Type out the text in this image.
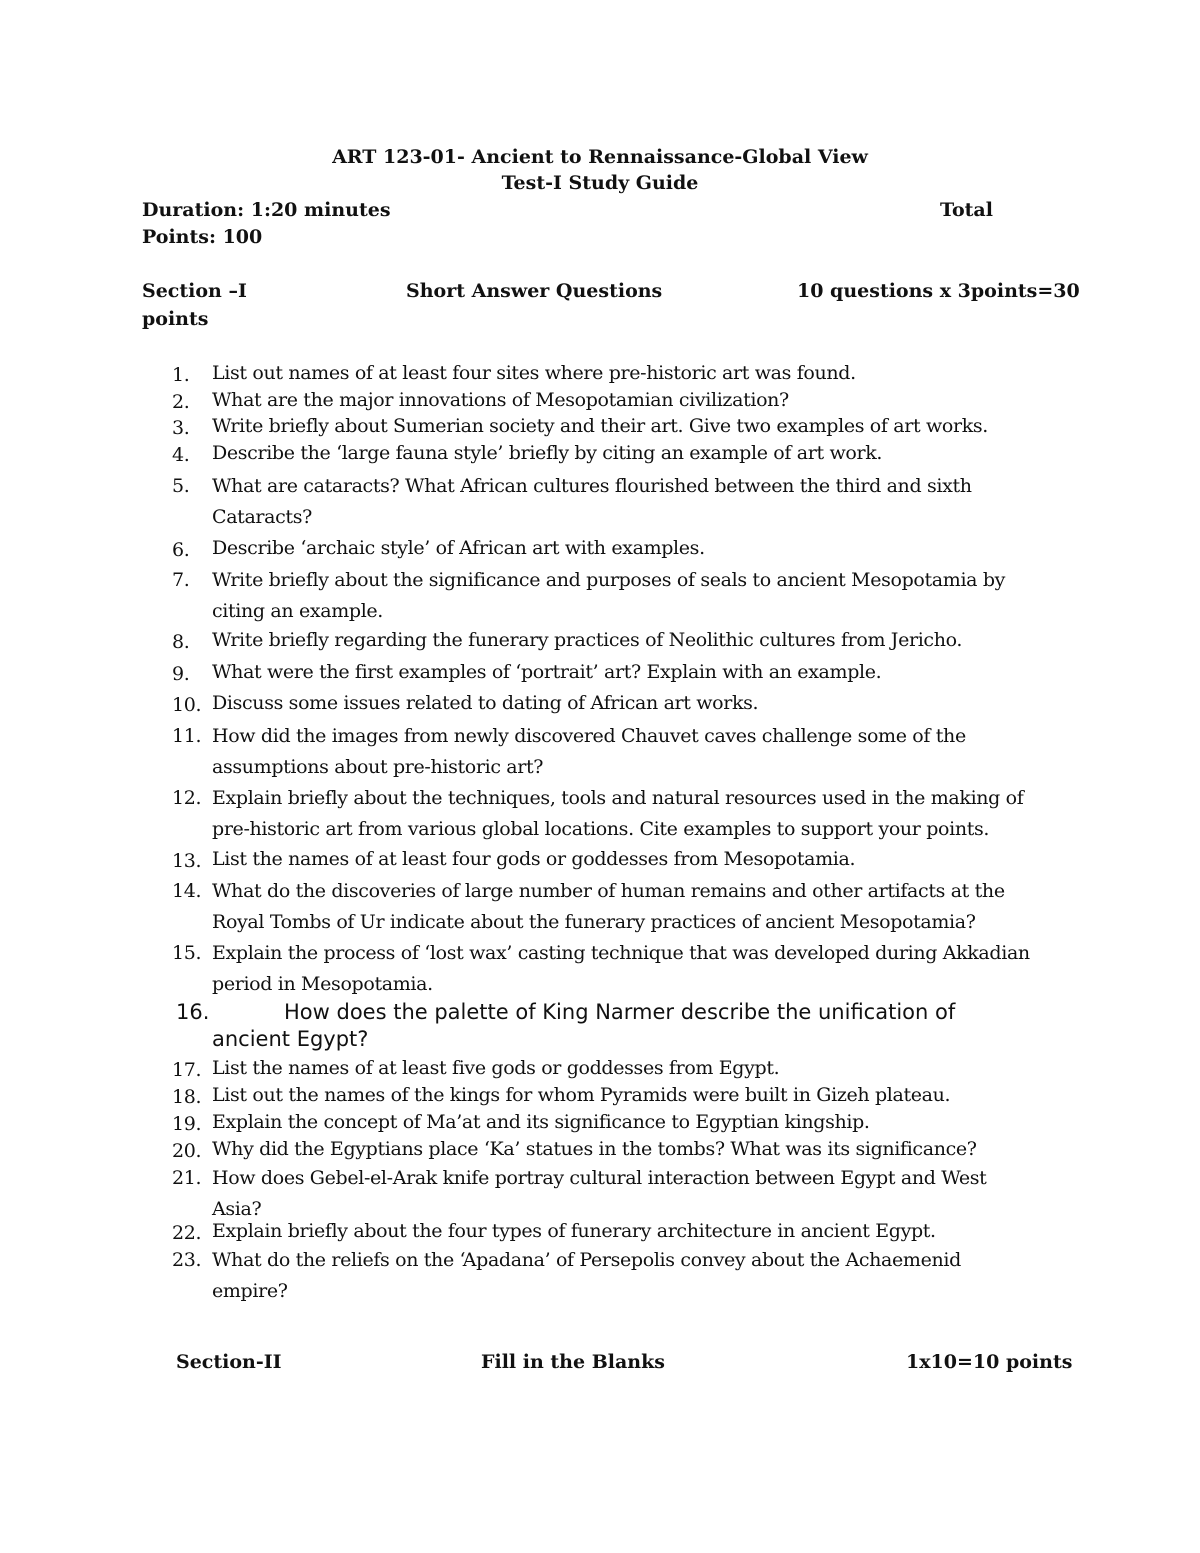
ART 123-01- Ancient to Rennaissance-Global View
Test-I Study Guide
Duration: 1:20 minutes	Total
Points: 100
Section –I	Short Answer Questions	10 questions x 3points=30
points
1.	List out names of at least four sites where pre-historic art was found.
2.	What are the major innovations of Mesopotamian civilization?
3.	Write briefly about Sumerian society and their art. Give two examples of art works.
4.	Describe the ‘large fauna style’ briefly by citing an example of art work.
5.	What are cataracts? What African cultures flourished between the third and sixth
Cataracts?
6.	Describe ‘archaic style’ of African art with examples.
7.	Write briefly about the significance and purposes of seals to ancient Mesopotamia by
citing an example.
8.	Write briefly regarding the funerary practices of Neolithic cultures from Jericho.
9.	What were the first examples of ‘portrait’ art? Explain with an example.
10. Discuss some issues related to dating of African art works.
11. How did the images from newly discovered Chauvet caves challenge some of the
assumptions about pre-historic art?
12. Explain briefly about the techniques, tools and natural resources used in the making of
pre-historic art from various global locations. Cite examples to support your points.
13. List the names of at least four gods or goddesses from Mesopotamia.
14. What do the discoveries of large number of human remains and other artifacts at the
Royal Tombs of Ur indicate about the funerary practices of ancient Mesopotamia?
15. Explain the process of ‘lost wax’ casting technique that was developed during Akkadian
period in Mesopotamia.
16.	How does the palette of King Narmer describe the unification of
ancient Egypt?
17. List the names of at least five gods or goddesses from Egypt.
18. List out the names of the kings for whom Pyramids were built in Gizeh plateau.
19. Explain the concept of Ma’at and its significance to Egyptian kingship.
20. Why did the Egyptians place ‘Ka’ statues in the tombs? What was its significance?
21. How does Gebel-el-Arak knife portray cultural interaction between Egypt and West
Asia?
22. Explain briefly about the four types of funerary architecture in ancient Egypt.
23. What do the reliefs on the ‘Apadana’ of Persepolis convey about the Achaemenid
empire?
Section-II	Fill in the Blanks	1x10=10 points
